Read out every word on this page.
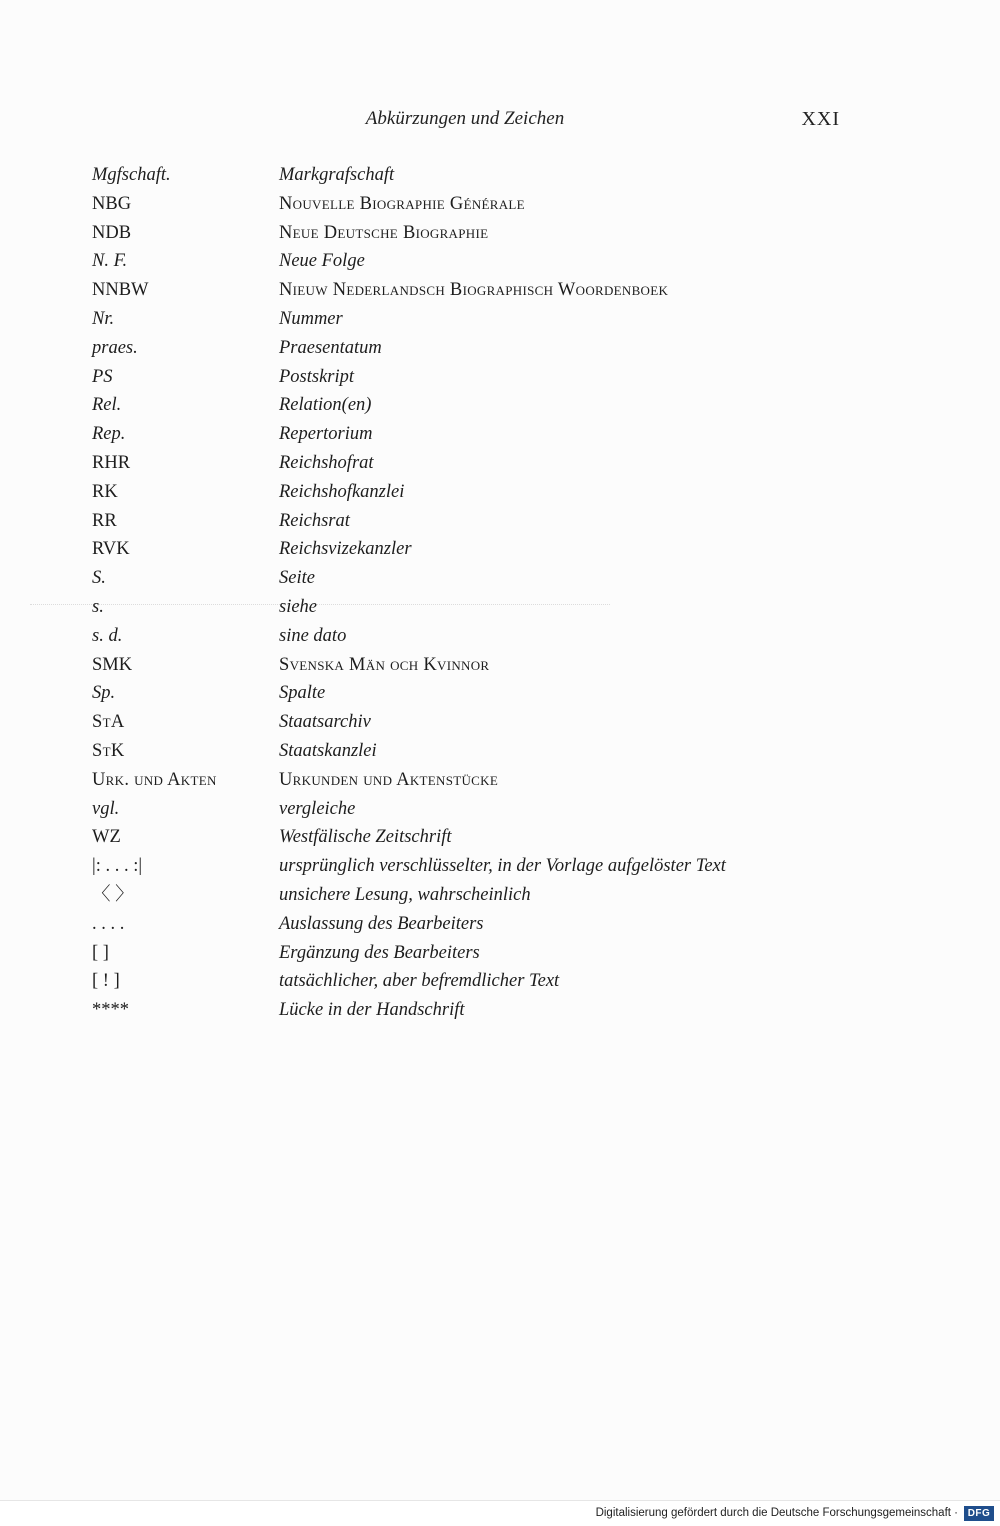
Abkürzungen und Zeichen	XXI
Mgfschaft.	Markgrafschaft
NBG	Nouvelle Biographie Générale
NDB	Neue Deutsche Biographie
N. F.	Neue Folge
NNBW	Nieuw Nederlandsch Biographisch Woordenboek
Nr.	Nummer
praes.	Praesentatum
PS	Postskript
Rel.	Relation(en)
Rep.	Repertorium
RHR	Reichshofrat
RK	Reichshofkanzlei
RR	Reichsrat
RVK	Reichsvizekanzler
S.	Seite
s.	siehe
s. d.	sine dato
SMK	Svenska Män och Kvinnor
Sp.	Spalte
StA	Staatsarchiv
StK	Staatskanzlei
Urk. und Akten	Urkunden und Aktenstücke
vgl.	vergleiche
WZ	Westfälische Zeitschrift
|: . . . :|	ursprünglich verschlüsselter, in der Vorlage aufgelöster Text
〈 〉	unsichere Lesung, wahrscheinlich
. . . .	Auslassung des Bearbeiters
[ ]	Ergänzung des Bearbeiters
[ ! ]	tatsächlicher, aber befremdlicher Text
****	Lücke in der Handschrift
Digitalisierung gefördert durch die Deutsche Forschungsgemeinschaft · DFG
